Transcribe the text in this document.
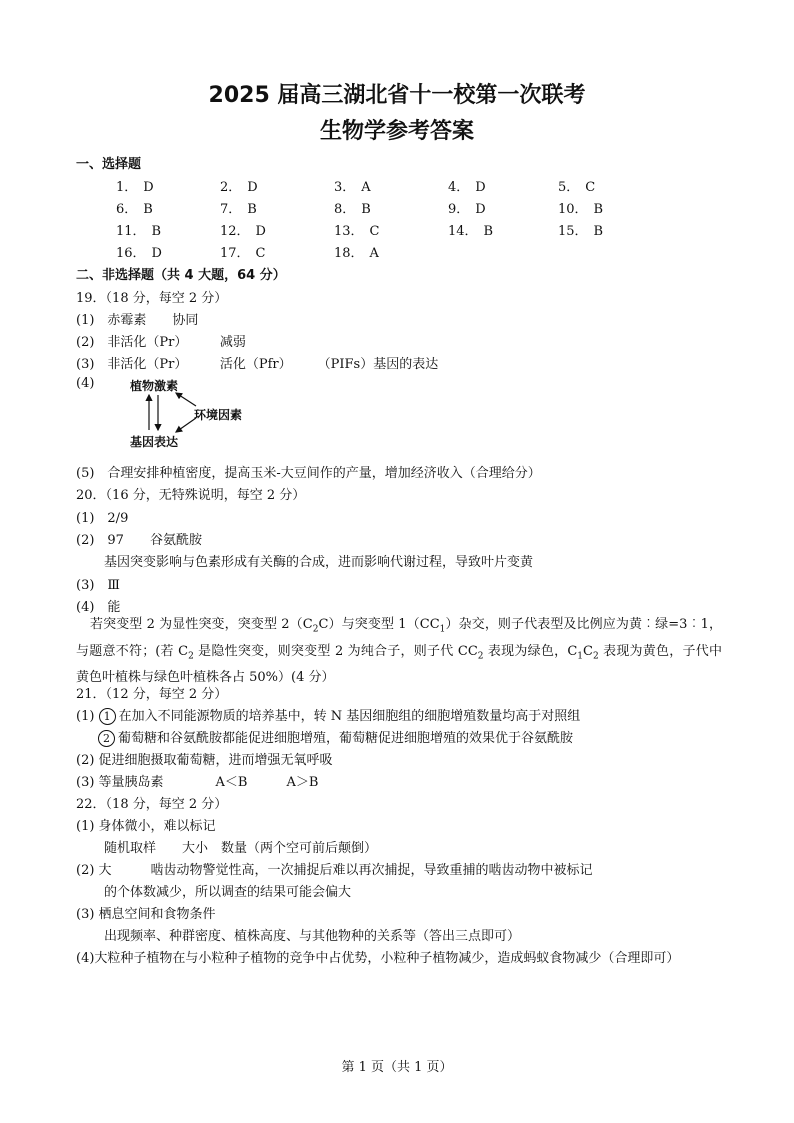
2025 届高三湖北省十一校第一次联考
生物学参考答案
一、选择题
1． D	2． D	3． A	4． D	5． C
6． B	7． B	8． B	9． D	10． B
11． B	12． D	13． C	14． B	15． B
16． D	17． C	18． A
二、非选择题（共 4 大题，64 分）
19．（18 分，每空 2 分）
(1)　赤霉素　　协同
(2)　非活化（Pr）　　　减弱
(3)　非活化（Pr）　　　活化（Pfr）　　　（PIFs）基因的表达
(4)	植物激素
环境因素
基因表达
(5)　合理安排种植密度，提高玉米-大豆间作的产量，增加经济收入（合理给分）
20．（16 分，无特殊说明，每空 2 分）
(1)　2/9
(2)　97　　谷氨酰胺
基因突变影响与色素形成有关酶的合成，进而影响代谢过程，导致叶片变黄
(3)　Ⅲ
(4)　能
若突变型 2 为显性突变，突变型 $2(C_2C)$与突变型 $1(CC_1)$杂交，则子代表型及比例应为黄︰绿=3︰1，与题意不符；(若 $C_2$ 是隐性突变，则突变型 2 为纯合子，则子代 $CC_2$ 表现为绿色，$C_1C_2$ 表现为黄色，子代中黄色叶植株与绿色叶植株各占 50%）(4 分）
21．（12 分，每空 2 分）
(1) 1 在加入不同能源物质的培养基中，转 N 基因细胞组的细胞增殖数量均高于对照组
2 葡萄糖和谷氨酰胺都能促进细胞增殖，葡萄糖促进细胞增殖的效果优于谷氨酰胺
(2) 促进细胞摄取葡萄糖，进而增强无氧呼吸
(3) 等量胰岛素　　　　A＜B　　　A＞B
22．（18 分，每空 2 分）
(1) 身体微小，难以标记
随机取样　　大小　数量（两个空可前后颠倒）
(2) 大　　　啮齿动物警觉性高，一次捕捉后难以再次捕捉，导致重捕的啮齿动物中被标记
的个体数减少，所以调查的结果可能会偏大
(3) 栖息空间和食物条件
出现频率、种群密度、植株高度、与其他物种的关系等（答出三点即可）
(4)大粒种子植物在与小粒种子植物的竞争中占优势，小粒种子植物减少，造成蚂蚁食物减少（合理即可）
第 1 页（共 1 页）
